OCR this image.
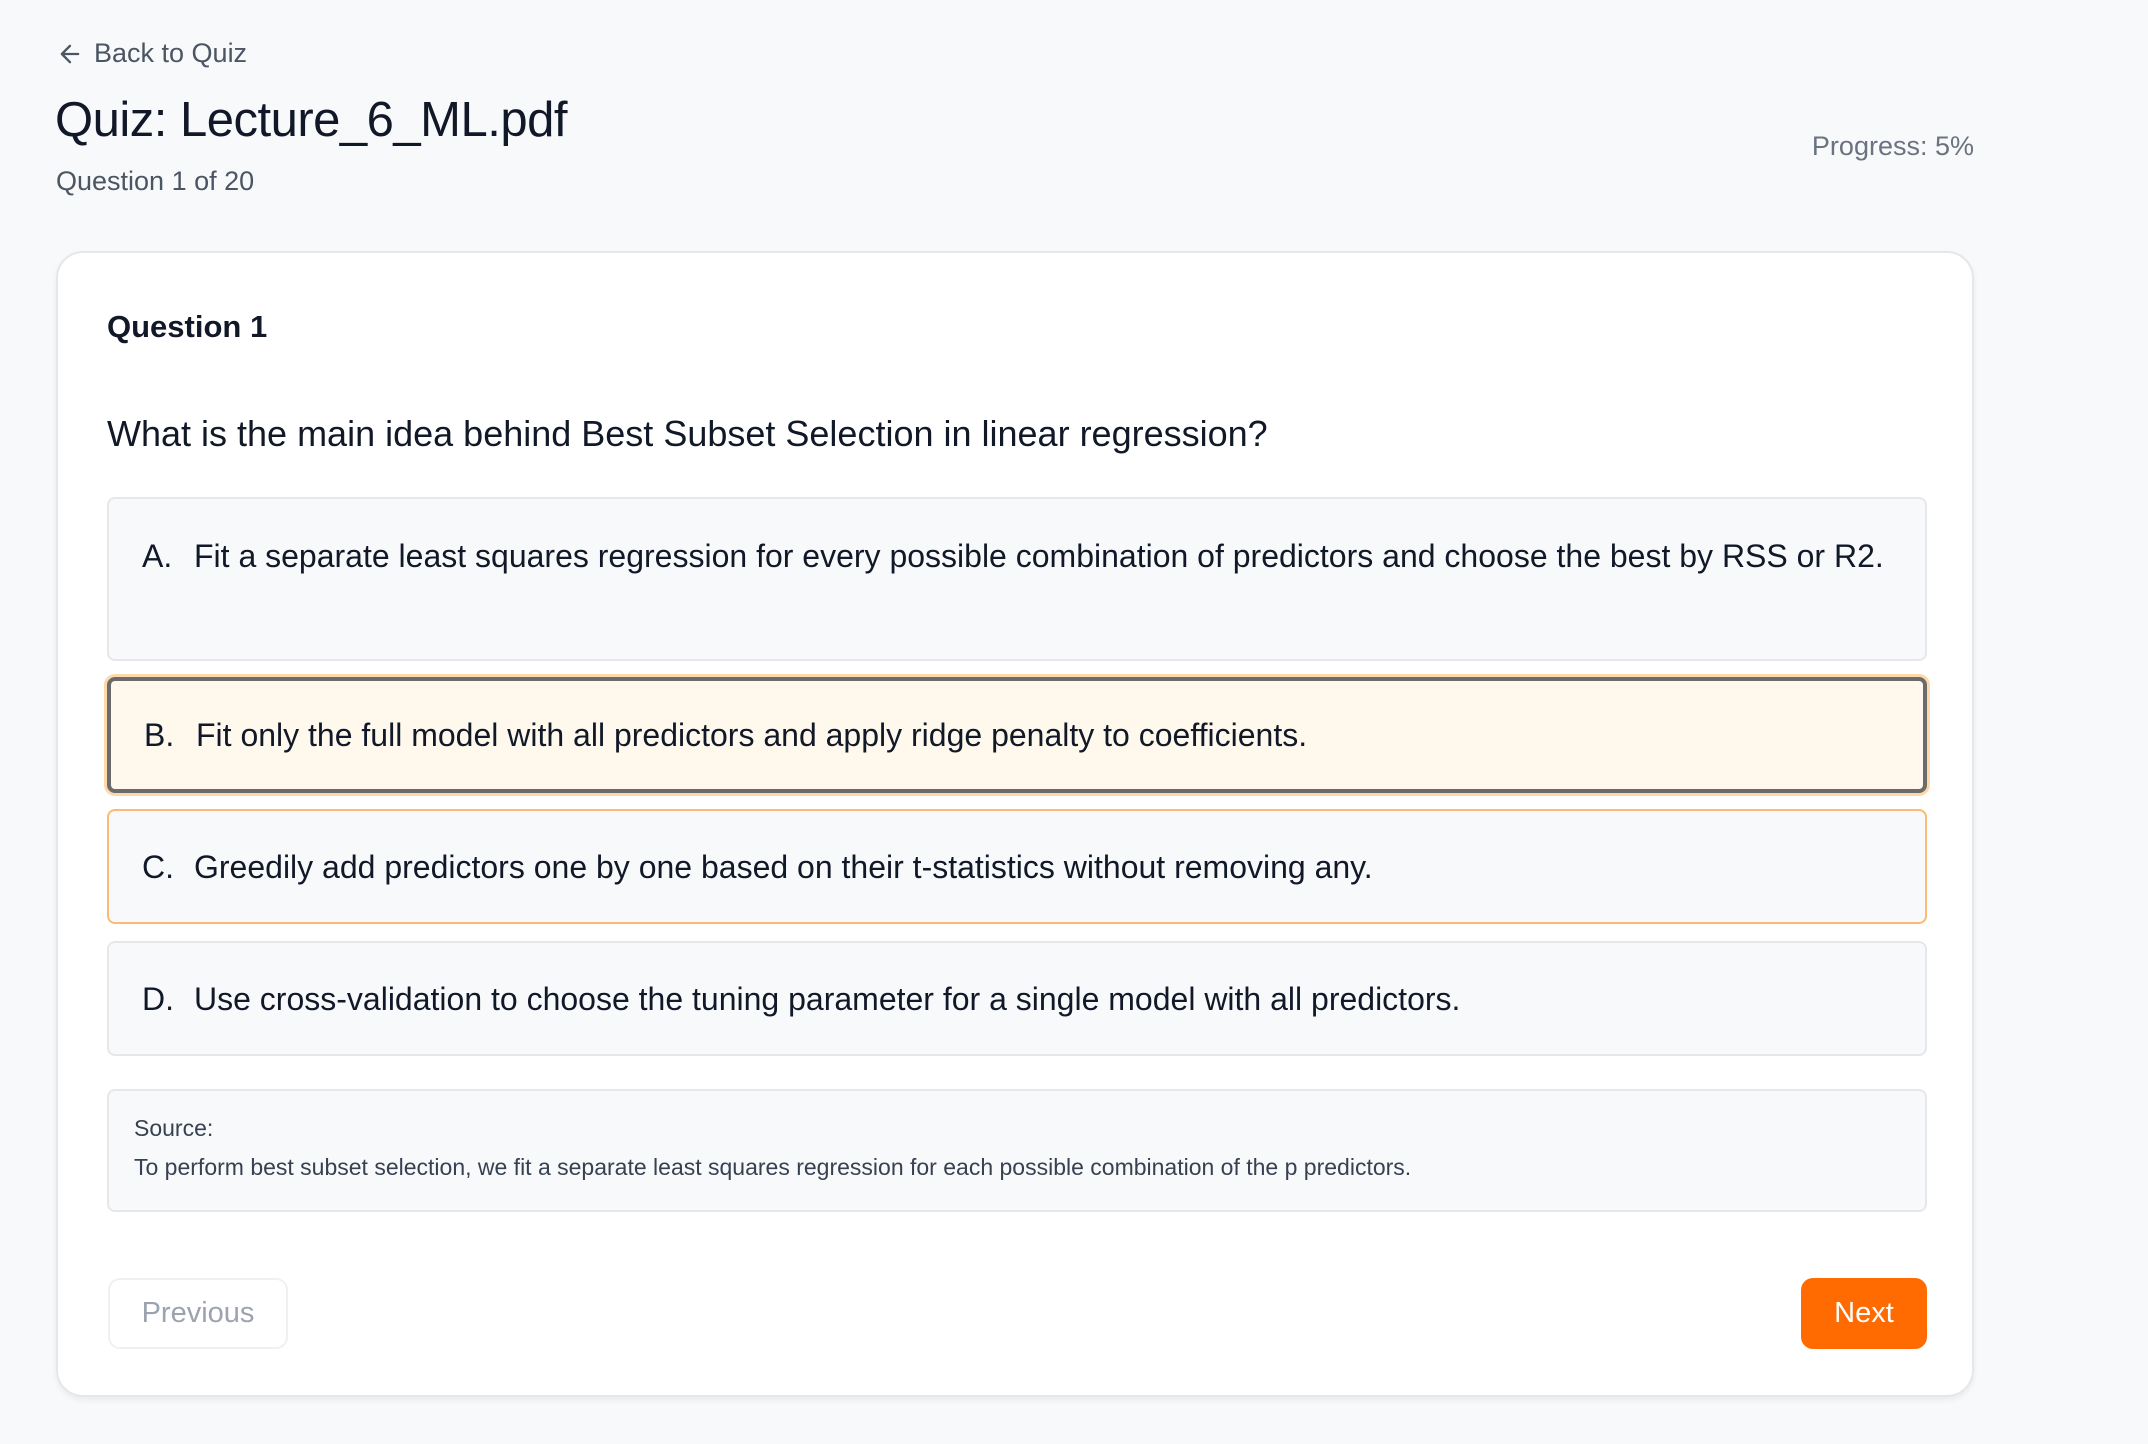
Back to Quiz
Quiz: Lecture_6_ML.pdf
Question 1 of 20
Progress: 5%
Question 1
What is the main idea behind Best Subset Selection in linear regression?
A. Fit a separate least squares regression for every possible combination of predictors and choose the best by RSS or R2.
B. Fit only the full model with all predictors and apply ridge penalty to coefficients.
C. Greedily add predictors one by one based on their t-statistics without removing any.
D. Use cross-validation to choose the tuning parameter for a single model with all predictors.
Source:
To perform best subset selection, we fit a separate least squares regression for each possible combination of the p predictors.
Previous	Next
